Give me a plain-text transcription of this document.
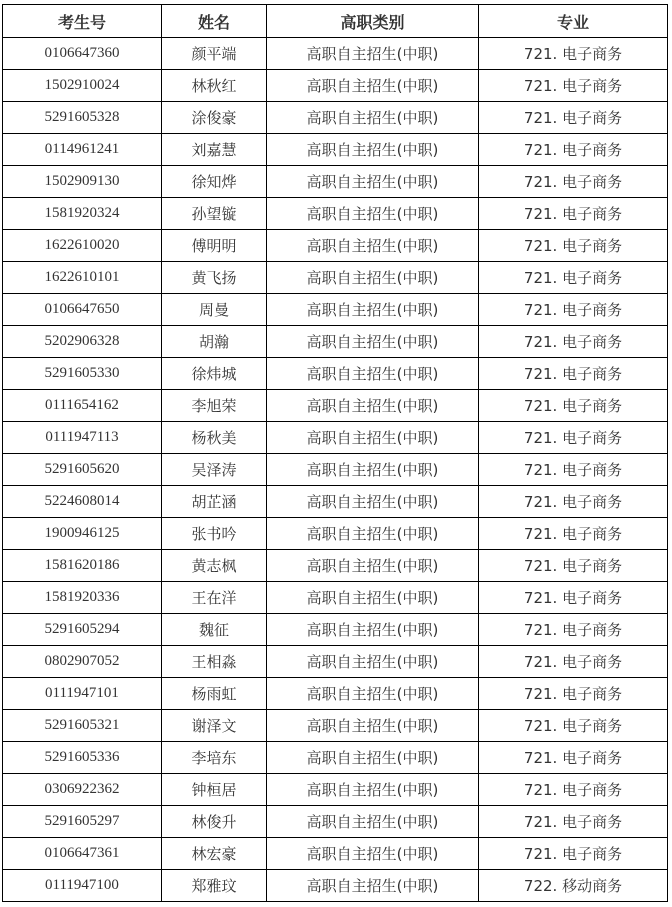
考生号	姓名	高职类别	专业
0106647360	颜平端	高职自主招生(中职)	721. 电子商务
1502910024	林秋红	高职自主招生(中职)	721. 电子商务
5291605328	涂俊豪	高职自主招生(中职)	721. 电子商务
0114961241	刘嘉慧	高职自主招生(中职)	721. 电子商务
1502909130	徐知烨	高职自主招生(中职)	721. 电子商务
1581920324	孙望镟	高职自主招生(中职)	721. 电子商务
1622610020	傅明明	高职自主招生(中职)	721. 电子商务
1622610101	黄飞扬	高职自主招生(中职)	721. 电子商务
0106647650	周曼	高职自主招生(中职)	721. 电子商务
5202906328	胡瀚	高职自主招生(中职)	721. 电子商务
5291605330	徐炜城	高职自主招生(中职)	721. 电子商务
0111654162	李旭荣	高职自主招生(中职)	721. 电子商务
0111947113	杨秋美	高职自主招生(中职)	721. 电子商务
5291605620	吴泽涛	高职自主招生(中职)	721. 电子商务
5224608014	胡芷涵	高职自主招生(中职)	721. 电子商务
1900946125	张书吟	高职自主招生(中职)	721. 电子商务
1581620186	黄志枫	高职自主招生(中职)	721. 电子商务
1581920336	王在洋	高职自主招生(中职)	721. 电子商务
5291605294	魏征	高职自主招生(中职)	721. 电子商务
0802907052	王相淼	高职自主招生(中职)	721. 电子商务
0111947101	杨雨虹	高职自主招生(中职)	721. 电子商务
5291605321	谢泽文	高职自主招生(中职)	721. 电子商务
5291605336	李培东	高职自主招生(中职)	721. 电子商务
0306922362	钟桓居	高职自主招生(中职)	721. 电子商务
5291605297	林俊升	高职自主招生(中职)	721. 电子商务
0106647361	林宏豪	高职自主招生(中职)	721. 电子商务
0111947100	郑雅玟	高职自主招生(中职)	722. 移动商务
